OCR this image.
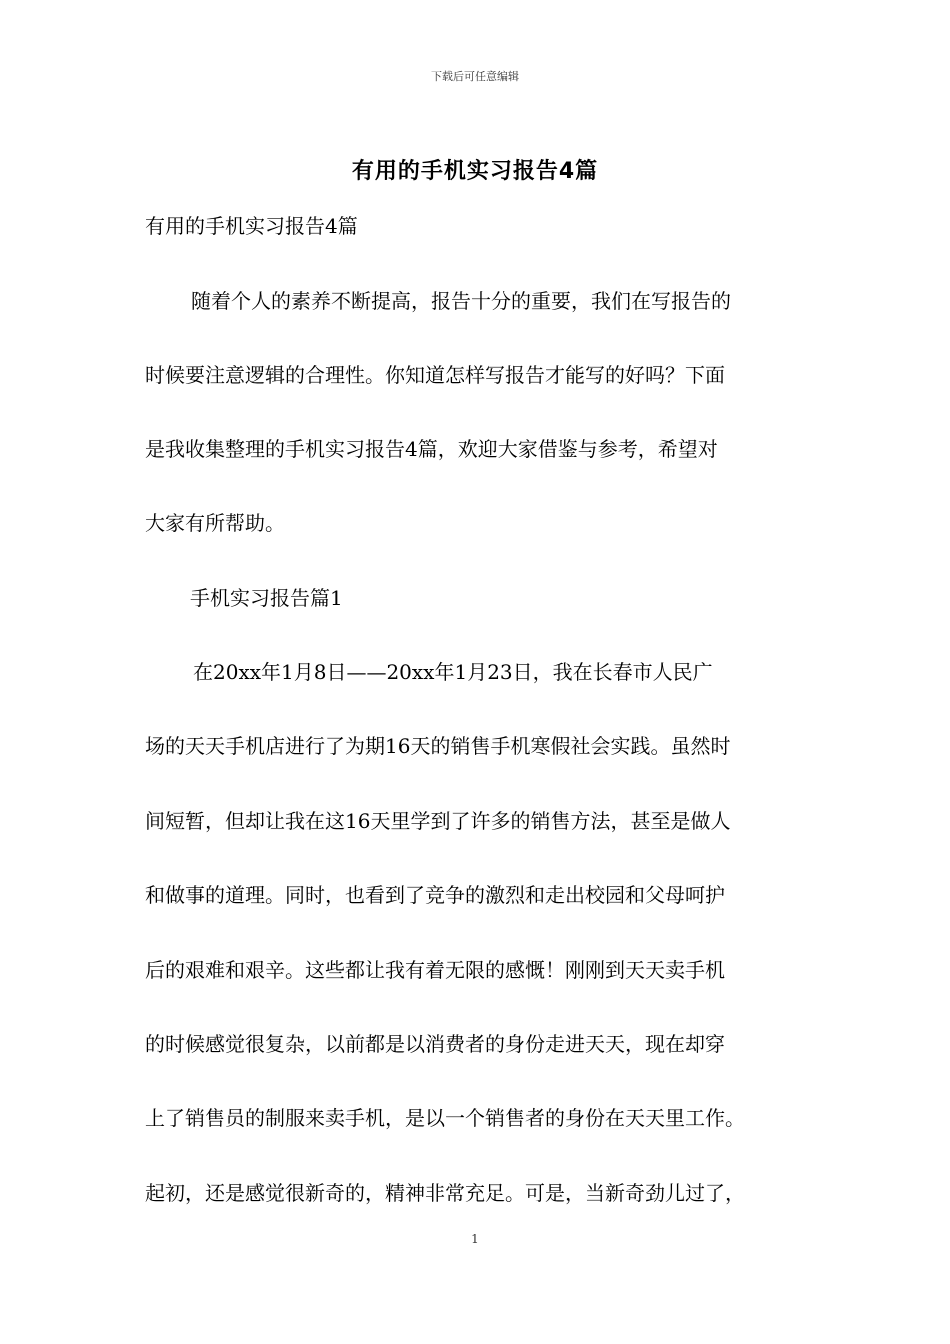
下载后可任意编辑
有用的手机实习报告4篇
有用的手机实习报告4篇
随着个人的素养不断提高，报告十分的重要，我们在写报告的
时候要注意逻辑的合理性。你知道怎样写报告才能写的好吗？下面
是我收集整理的手机实习报告4篇，欢迎大家借鉴与参考，希望对
大家有所帮助。
手机实习报告篇1
在20xx年1月8日——20xx年1月23日，我在长春市人民广
场的天天手机店进行了为期16天的销售手机寒假社会实践。虽然时
间短暂，但却让我在这16天里学到了许多的销售方法，甚至是做人
和做事的道理。同时，也看到了竞争的激烈和走出校园和父母呵护
后的艰难和艰辛。这些都让我有着无限的感慨！刚刚到天天卖手机
的时候感觉很复杂，以前都是以消费者的身份走进天天，现在却穿
上了销售员的制服来卖手机，是以一个销售者的身份在天天里工作。
起初，还是感觉很新奇的，精神非常充足。可是，当新奇劲儿过了，
1
